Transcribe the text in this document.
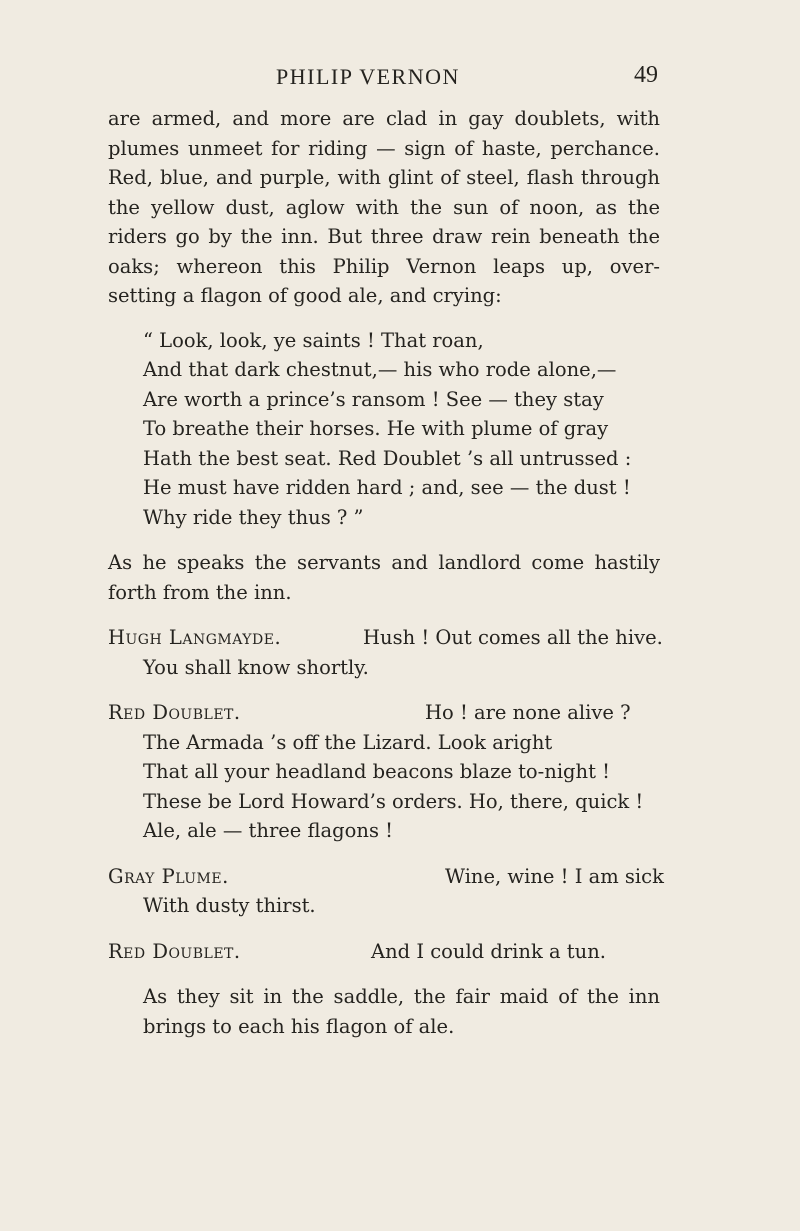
PHILIP VERNON	49

are armed, and more are clad in gay doublets, with plumes unmeet for riding — sign of haste, perchance. Red, blue, and purple, with glint of steel, flash through the yellow dust, aglow with the sun of noon, as the riders go by the inn. But three draw rein beneath the oaks; whereon this Philip Vernon leaps up, over- setting a flagon of good ale, and crying:

“ Look, look, ye saints ! That roan,
And that dark chestnut,— his who rode alone,—
Are worth a prince’s ransom ! See — they stay
To breathe their horses. He with plume of gray
Hath the best seat. Red Doublet ’s all untrussed :
He must have ridden hard ; and, see — the dust !
Why ride they thus ? ”

As he speaks the servants and landlord come hastily forth from the inn.

Hugh Langmayde.	Hush ! Out comes all the hive.
You shall know shortly.
Red Doublet.	Ho ! are none alive ?
The Armada ’s off the Lizard. Look aright
That all your headland beacons blaze to-night !
These be Lord Howard’s orders. Ho, there, quick !
Ale, ale — three flagons !
Gray Plume.	Wine, wine ! I am sick
With dusty thirst.
Red Doublet.	And I could drink a tun.

As they sit in the saddle, the fair maid of the inn brings to each his flagon of ale.
